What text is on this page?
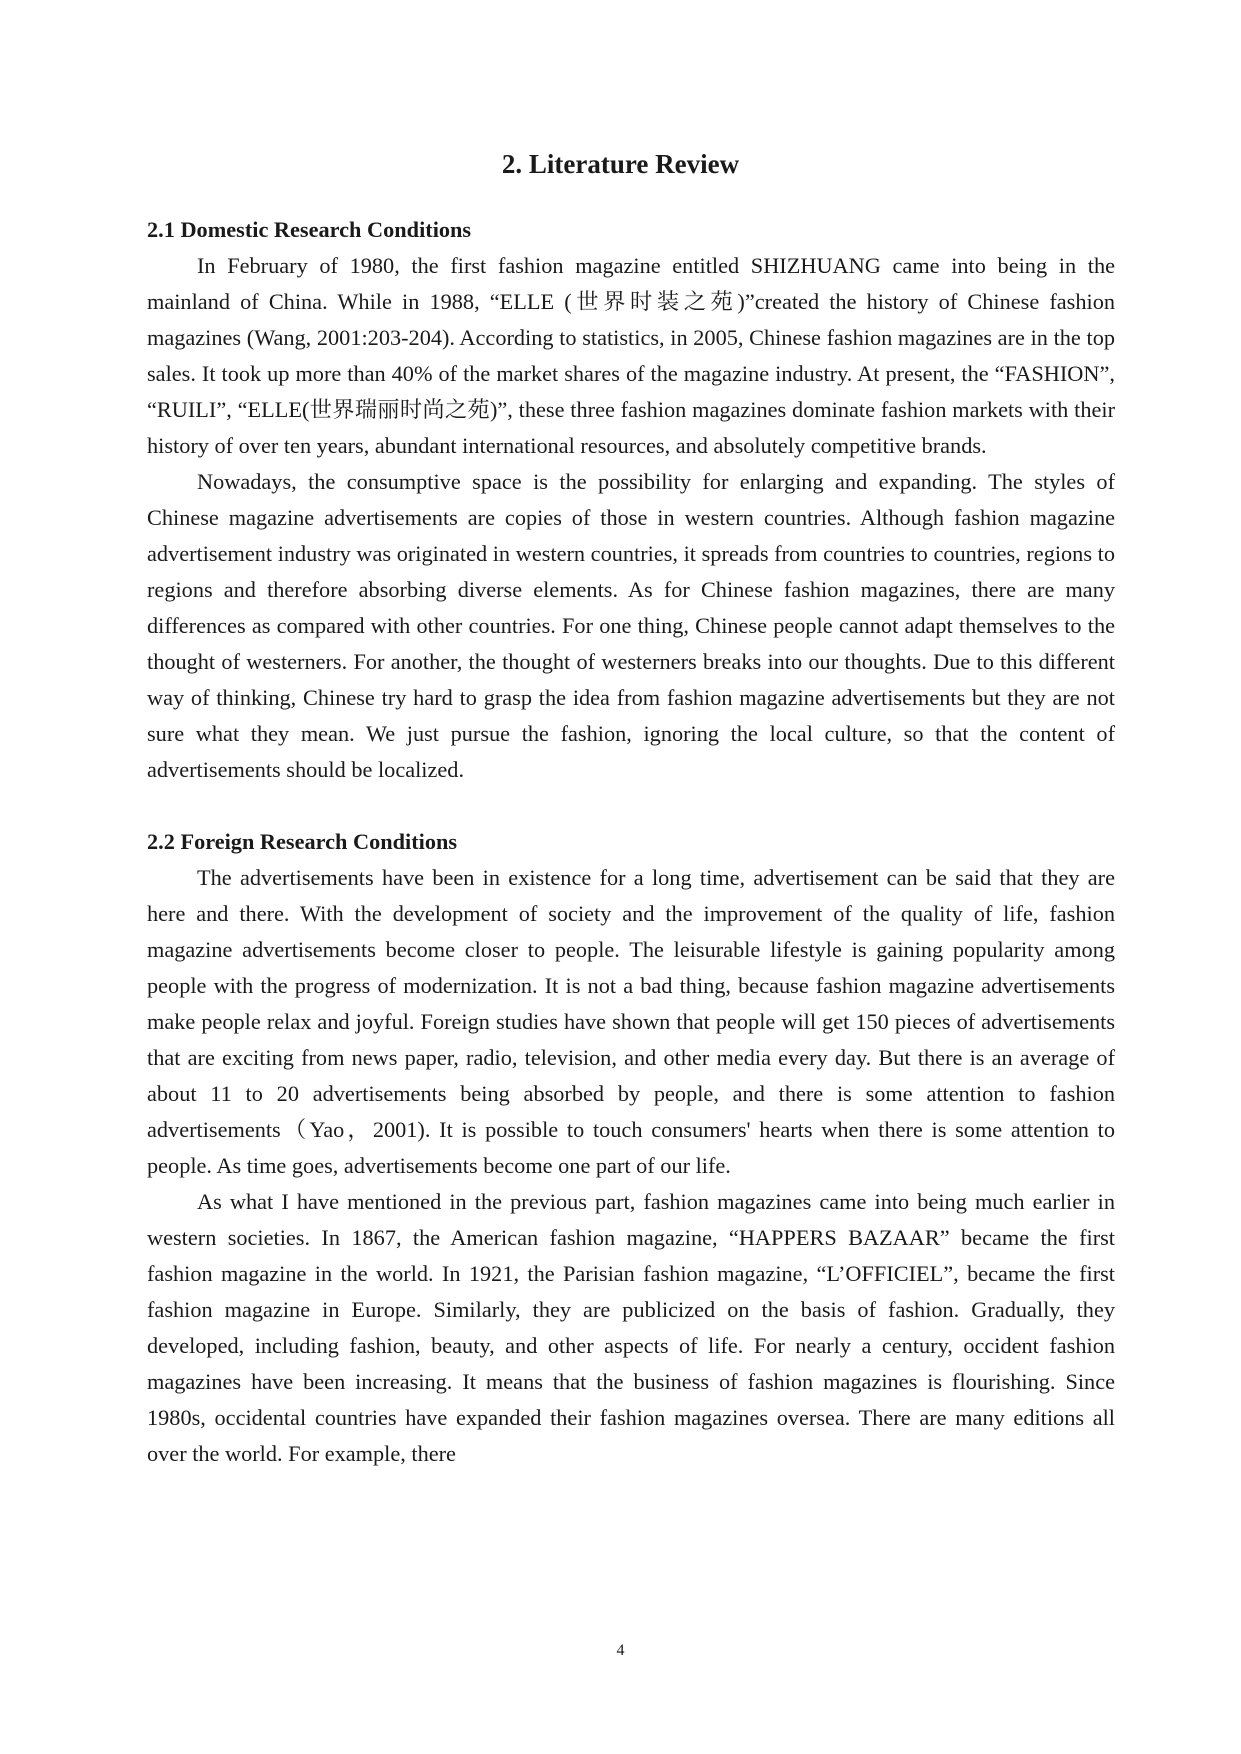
2. Literature Review
2.1 Domestic Research Conditions

In February of 1980, the first fashion magazine entitled SHIZHUANG came into being in the mainland of China. While in 1988, “ELLE (世界时装之苑)”created the history of Chinese fashion magazines (Wang, 2001:203-204). According to statistics, in 2005, Chinese fashion magazines are in the top sales. It took up more than 40% of the market shares of the magazine industry. At present, the “FASHION”, “RUILI”, “ELLE(世界瑞丽时尚之苑)”, these three fashion magazines dominate fashion markets with their history of over ten years, abundant international resources, and absolutely competitive brands.

Nowadays, the consumptive space is the possibility for enlarging and expanding. The styles of Chinese magazine advertisements are copies of those in western countries. Although fashion magazine advertisement industry was originated in western countries, it spreads from countries to countries, regions to regions and therefore absorbing diverse elements. As for Chinese fashion magazines, there are many differences as compared with other countries. For one thing, Chinese people cannot adapt themselves to the thought of westerners. For another, the thought of westerners breaks into our thoughts. Due to this different way of thinking, Chinese try hard to grasp the idea from fashion magazine advertisements but they are not sure what they mean. We just pursue the fashion, ignoring the local culture, so that the content of advertisements should be localized.

2.2 Foreign Research Conditions

The advertisements have been in existence for a long time, advertisement can be said that they are here and there. With the development of society and the improvement of the quality of life, fashion magazine advertisements become closer to people. The leisurable lifestyle is gaining popularity among people with the progress of modernization. It is not a bad thing, because fashion magazine advertisements make people relax and joyful. Foreign studies have shown that people will get 150 pieces of advertisements that are exciting from news paper, radio, television, and other media every day. But there is an average of about 11 to 20 advertisements being absorbed by people, and there is some attention to fashion advertisements（Yao，2001). It is possible to touch consumers' hearts when there is some attention to people. As time goes, advertisements become one part of our life.

As what I have mentioned in the previous part, fashion magazines came into being much earlier in western societies. In 1867, the American fashion magazine, “HAPPERS BAZAAR” became the first fashion magazine in the world. In 1921, the Parisian fashion magazine, “L’OFFICIEL”, became the first fashion magazine in Europe. Similarly, they are publicized on the basis of fashion. Gradually, they developed, including fashion, beauty, and other aspects of life. For nearly a century, occident fashion magazines have been increasing. It means that the business of fashion magazines is flourishing. Since 1980s, occidental countries have expanded their fashion magazines oversea. There are many editions all over the world. For example, there

4
